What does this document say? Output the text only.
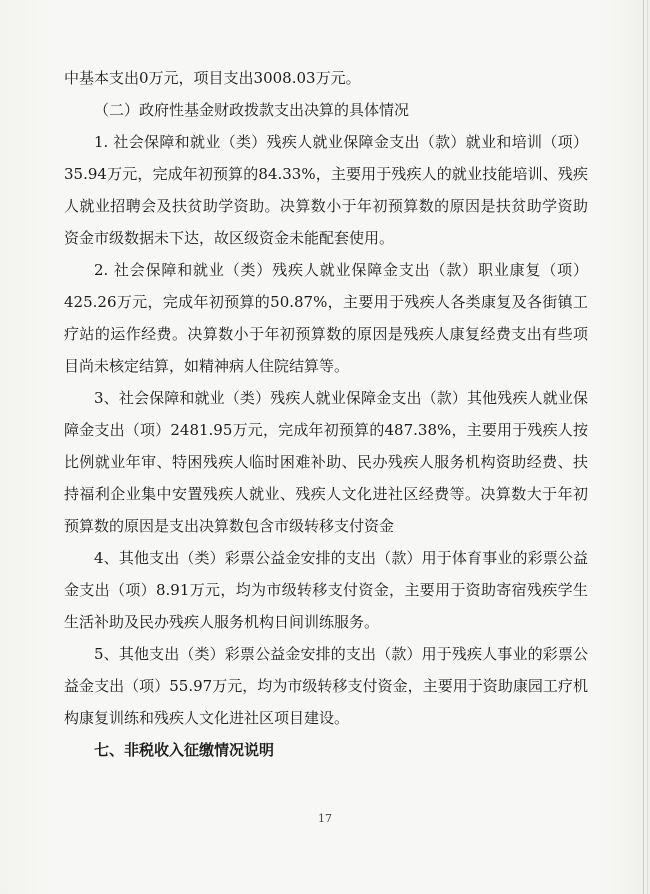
中基本支出0万元，项目支出3008.03万元。

（二）政府性基金财政拨款支出决算的具体情况

1. 社会保障和就业（类）残疾人就业保障金支出（款）就业和培训（项）35.94万元，完成年初预算的84.33%，主要用于残疾人的就业技能培训、残疾人就业招聘会及扶贫助学资助。决算数小于年初预算数的原因是扶贫助学资助资金市级数据未下达，故区级资金未能配套使用。

2. 社会保障和就业（类）残疾人就业保障金支出（款）职业康复（项）425.26万元，完成年初预算的50.87%，主要用于残疾人各类康复及各街镇工疗站的运作经费。决算数小于年初预算数的原因是残疾人康复经费支出有些项目尚未核定结算，如精神病人住院结算等。

3、社会保障和就业（类）残疾人就业保障金支出（款）其他残疾人就业保障金支出（项）2481.95万元，完成年初预算的487.38%，主要用于残疾人按比例就业年审、特困残疾人临时困难补助、民办残疾人服务机构资助经费、扶持福利企业集中安置残疾人就业、残疾人文化进社区经费等。决算数大于年初预算数的原因是支出决算数包含市级转移支付资金

4、其他支出（类）彩票公益金安排的支出（款）用于体育事业的彩票公益金支出（项）8.91万元，均为市级转移支付资金，主要用于资助寄宿残疾学生生活补助及民办残疾人服务机构日间训练服务。

5、其他支出（类）彩票公益金安排的支出（款）用于残疾人事业的彩票公益金支出（项）55.97万元，均为市级转移支付资金，主要用于资助康园工疗机构康复训练和残疾人文化进社区项目建设。

七、非税收入征缴情况说明

17
